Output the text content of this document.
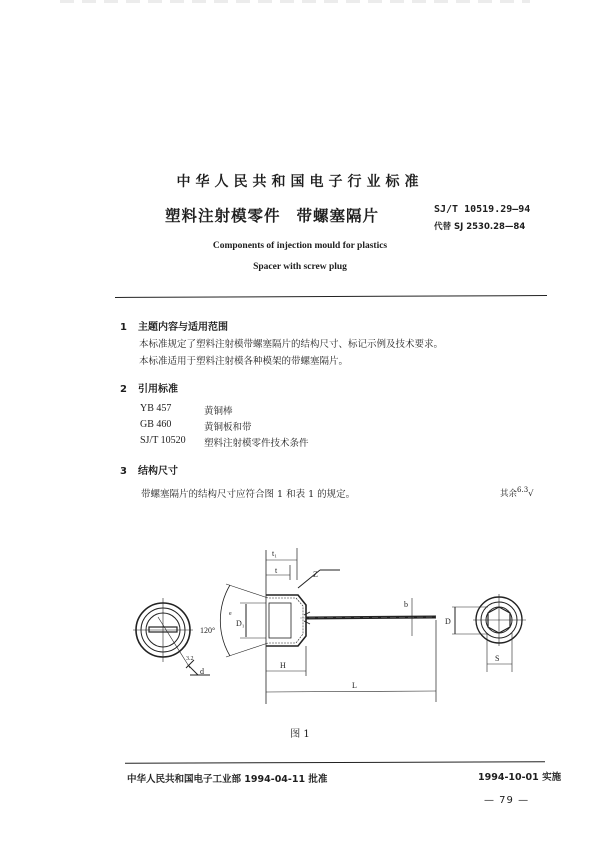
中华人民共和国电子行业标准
塑料注射模零件 带螺塞隔片	SJ/T 10519.29—94
代替 SJ 2530.28—84
Components of injection mould for plastics
Spacer with screw plug
1 主题内容与适用范围
本标准规定了塑料注射模带螺塞隔片的结构尺寸、标记示例及技术要求。
本标准适用于塑料注射模各种模架的带螺塞隔片。
2 引用标准
YB 457	黄铜棒
GB 460	黄铜板和带
SJ/T 10520 塑料注射模零件技术条件
3 结构尺寸
带螺塞隔片的结构尺寸应符合图 1 和表 1 的规定。	其余$^{6.3}$√
t₁
t	Z
120°
e
D₁
H
L
b
D
S
d
3.2
图 1
中华人民共和国电子工业部 1994-04-11 批准	1994-10-01 实施
— 79 —
